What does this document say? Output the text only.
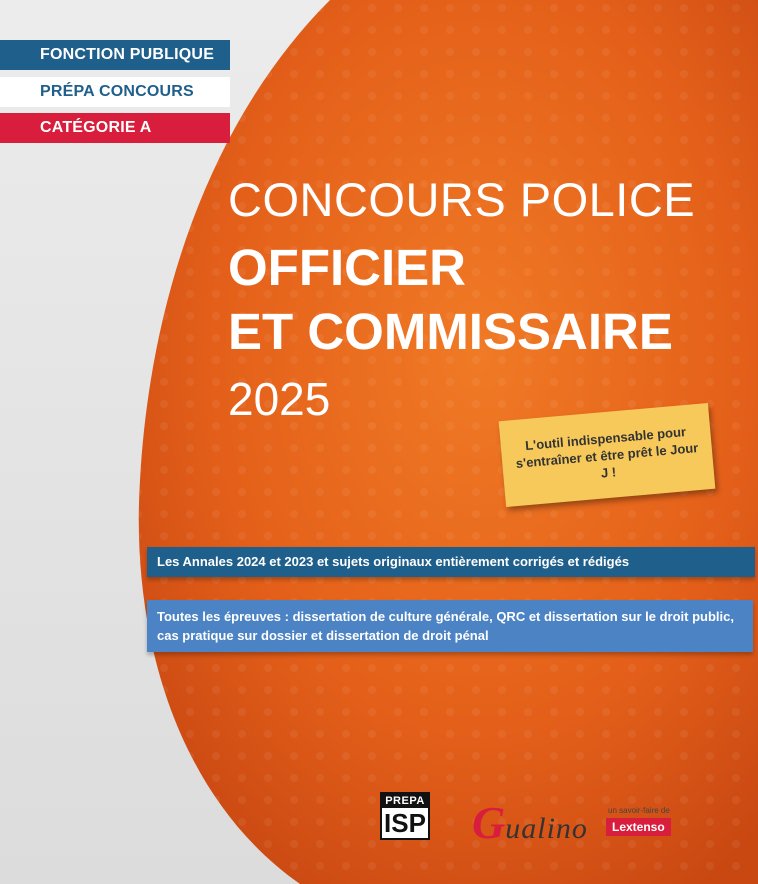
FONCTION PUBLIQUE
PRÉPA CONCOURS
CATÉGORIE A
CONCOURS POLICE
OFFICIER
ET COMMISSAIRE
2025
L'outil indispensable pour s'entraîner et être prêt le Jour J !
Les Annales 2024 et 2023 et sujets originaux entièrement corrigés et rédigés
Toutes les épreuves : dissertation de culture générale, QRC et dissertation sur le droit public, cas pratique sur dossier et dissertation de droit pénal
PREPA
ISP G ualino
un savoir-faire de
Lextenso
